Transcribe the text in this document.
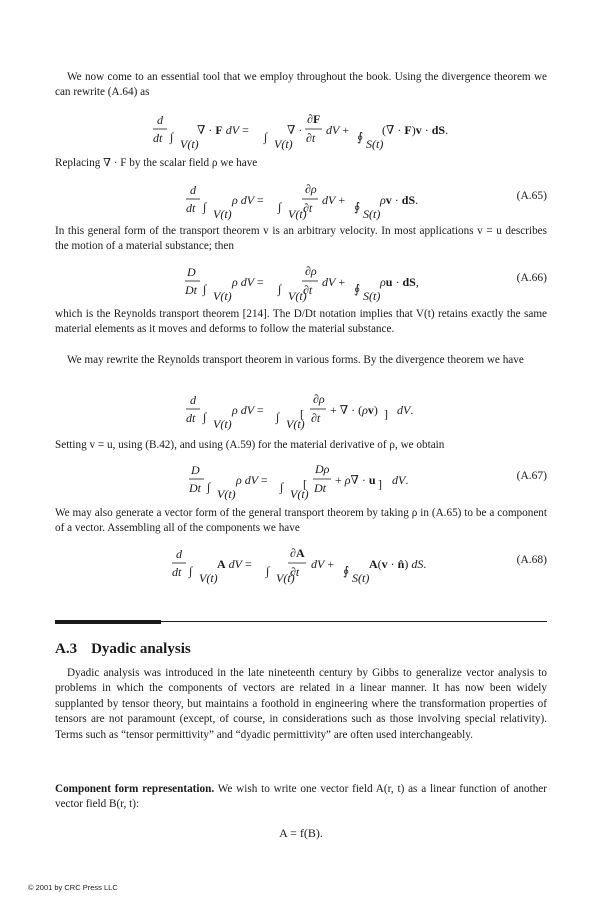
We now come to an essential tool that we employ throughout the book. Using the divergence theorem we can rewrite (A.64) as

d
dt ∫ V(t)
∇ · F dV = ∫ V(t)
∇ ·
∂F
∂t
dV + ∮ S(t)
(∇ · F)v · dS.

Replacing ∇ · F by the scalar field ρ we have

d
dt ∫ V(t)
ρ dV = ∫ V(t)
∂ρ
∂t
dV + ∮ S(t)
ρv · dS.	(A.65)

In this general form of the transport theorem v is an arbitrary velocity. In most applications v = u describes the motion of a material substance; then

D
Dt ∫ V(t)
ρ dV = ∫ V(t)
∂ρ
∂t
dV + ∮ S(t)
ρu · dS,	(A.66)

which is the Reynolds transport theorem [214]. The D/Dt notation implies that V(t) retains exactly the same material elements as it moves and deforms to follow the material substance.

We may rewrite the Reynolds transport theorem in various forms. By the divergence theorem we have

d
dt ∫ V(t)
ρ dV = ∫ V(t)
[
∂ρ
∂t
+ ∇ · (ρv) ] dV.

Setting v = u, using (B.42), and using (A.59) for the material derivative of ρ, we obtain

D
Dt ∫ V(t)
ρ dV = ∫ V(t)
[
Dρ
Dt
+ ρ∇ · u ] dV.	(A.67)

We may also generate a vector form of the general transport theorem by taking ρ in (A.65) to be a component of a vector. Assembling all of the components we have

d
dt ∫ V(t)
A dV = ∫ V(t)
∂A
∂t
dV + ∮ S(t)
A(v · n̂) dS.	(A.68)
A.3 Dyadic analysis

Dyadic analysis was introduced in the late nineteenth century by Gibbs to generalize vector analysis to problems in which the components of vectors are related in a linear manner. It has now been widely supplanted by tensor theory, but maintains a foothold in engineering where the transformation properties of tensors are not paramount (except, of course, in considerations such as those involving special relativity). Terms such as “tensor permittivity” and “dyadic permittivity” are often used interchangeably.

Component form representation. We wish to write one vector field A(r, t) as a linear function of another vector field B(r, t):

A = f(B).
© 2001 by CRC Press LLC
